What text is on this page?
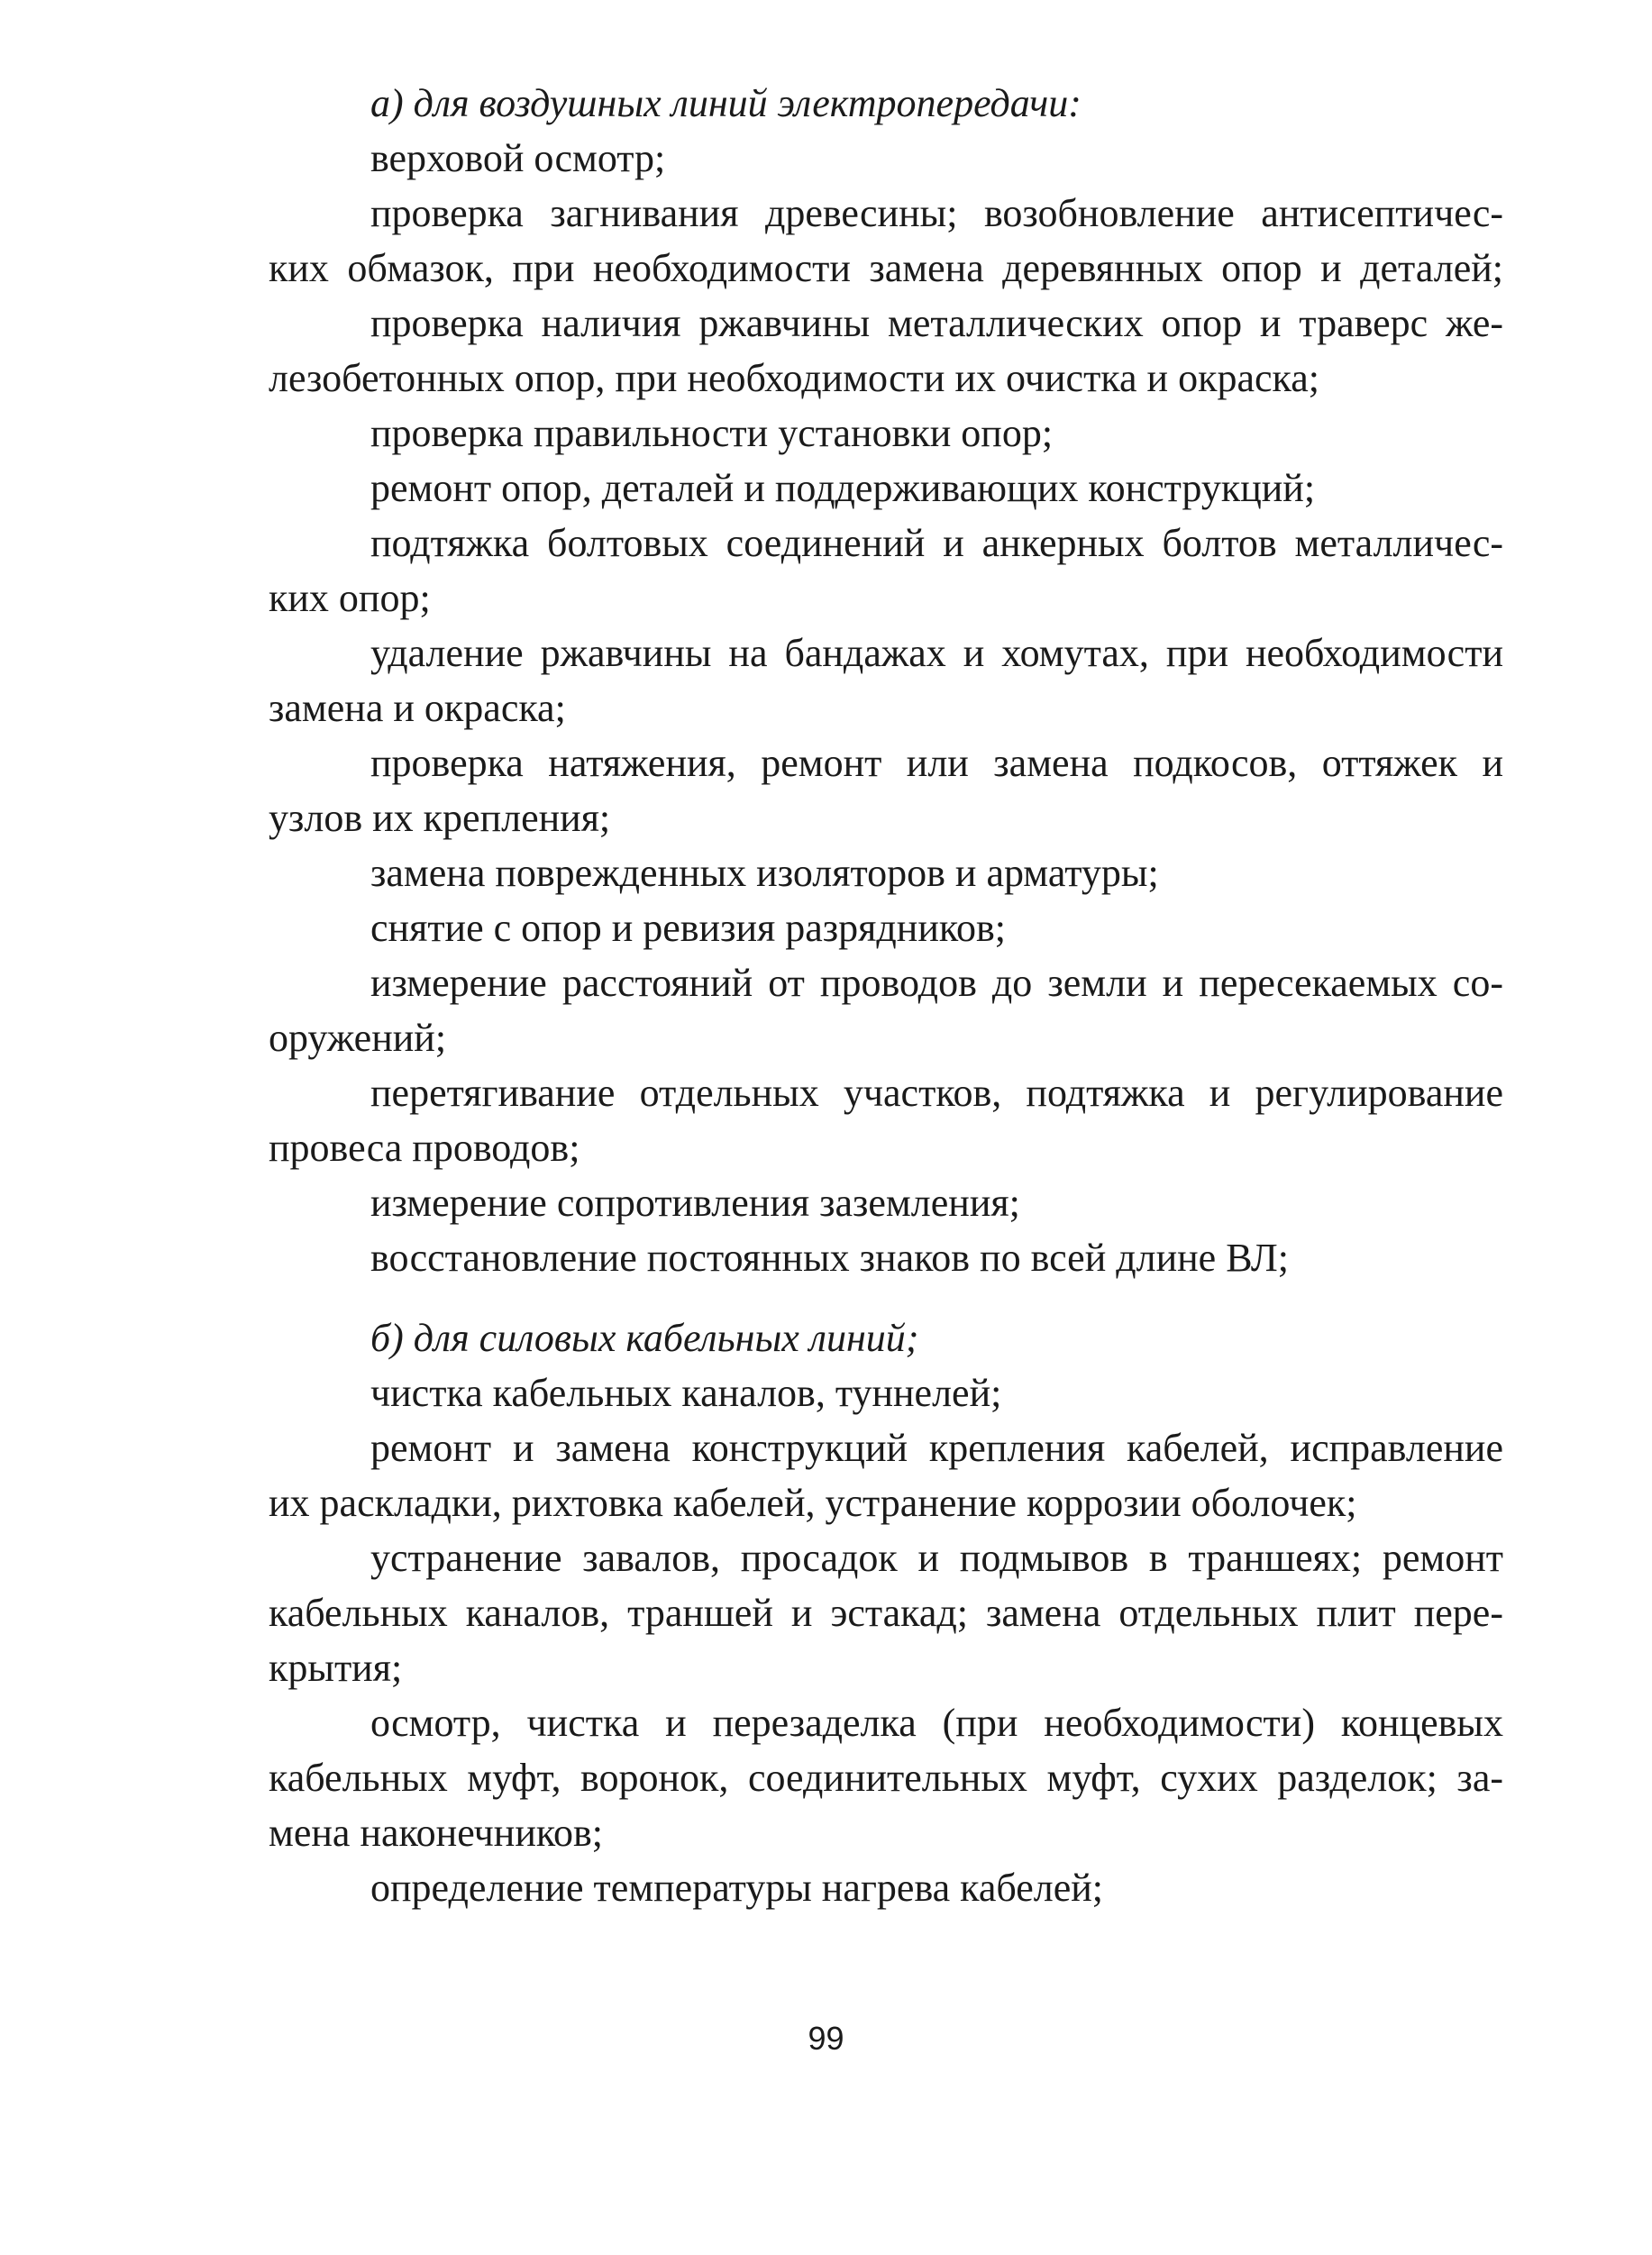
а) для воздушных линий электропередачи:

верховой осмотр;

проверка загнивания древесины; возобновление антисептичес-

ких обмазок, при необходимости замена деревянных опор и деталей;

проверка наличия ржавчины металлических опор и траверс же-

лезобетонных опор, при необходимости их очистка и окраска;

проверка правильности установки опор;

ремонт опор, деталей и поддерживающих конструкций;

подтяжка болтовых соединений и анкерных болтов металличес-

ких опор;

удаление ржавчины на бандажах и хомутах, при необходимости

замена и окраска;

проверка натяжения, ремонт или замена подкосов, оттяжек и

узлов их крепления;

замена поврежденных изоляторов и арматуры;

снятие с опор и ревизия разрядников;

измерение расстояний от проводов до земли и пересекаемых со-

оружений;

перетягивание отдельных участков, подтяжка и регулирование

провеса проводов;

измерение сопротивления заземления;

восстановление постоянных знаков по всей длине ВЛ;

б) для силовых кабельных линий;

чистка кабельных каналов, туннелей;

ремонт и замена конструкций крепления кабелей, исправление

их раскладки, рихтовка кабелей, устранение коррозии оболочек;

устранение завалов, просадок и подмывов в траншеях; ремонт

кабельных каналов, траншей и эстакад; замена отдельных плит пере-

крытия;

осмотр, чистка и перезаделка (при необходимости) концевых

кабельных муфт, воронок, соединительных муфт, сухих разделок; за-

мена наконечников;

определение температуры нагрева кабелей;

99
